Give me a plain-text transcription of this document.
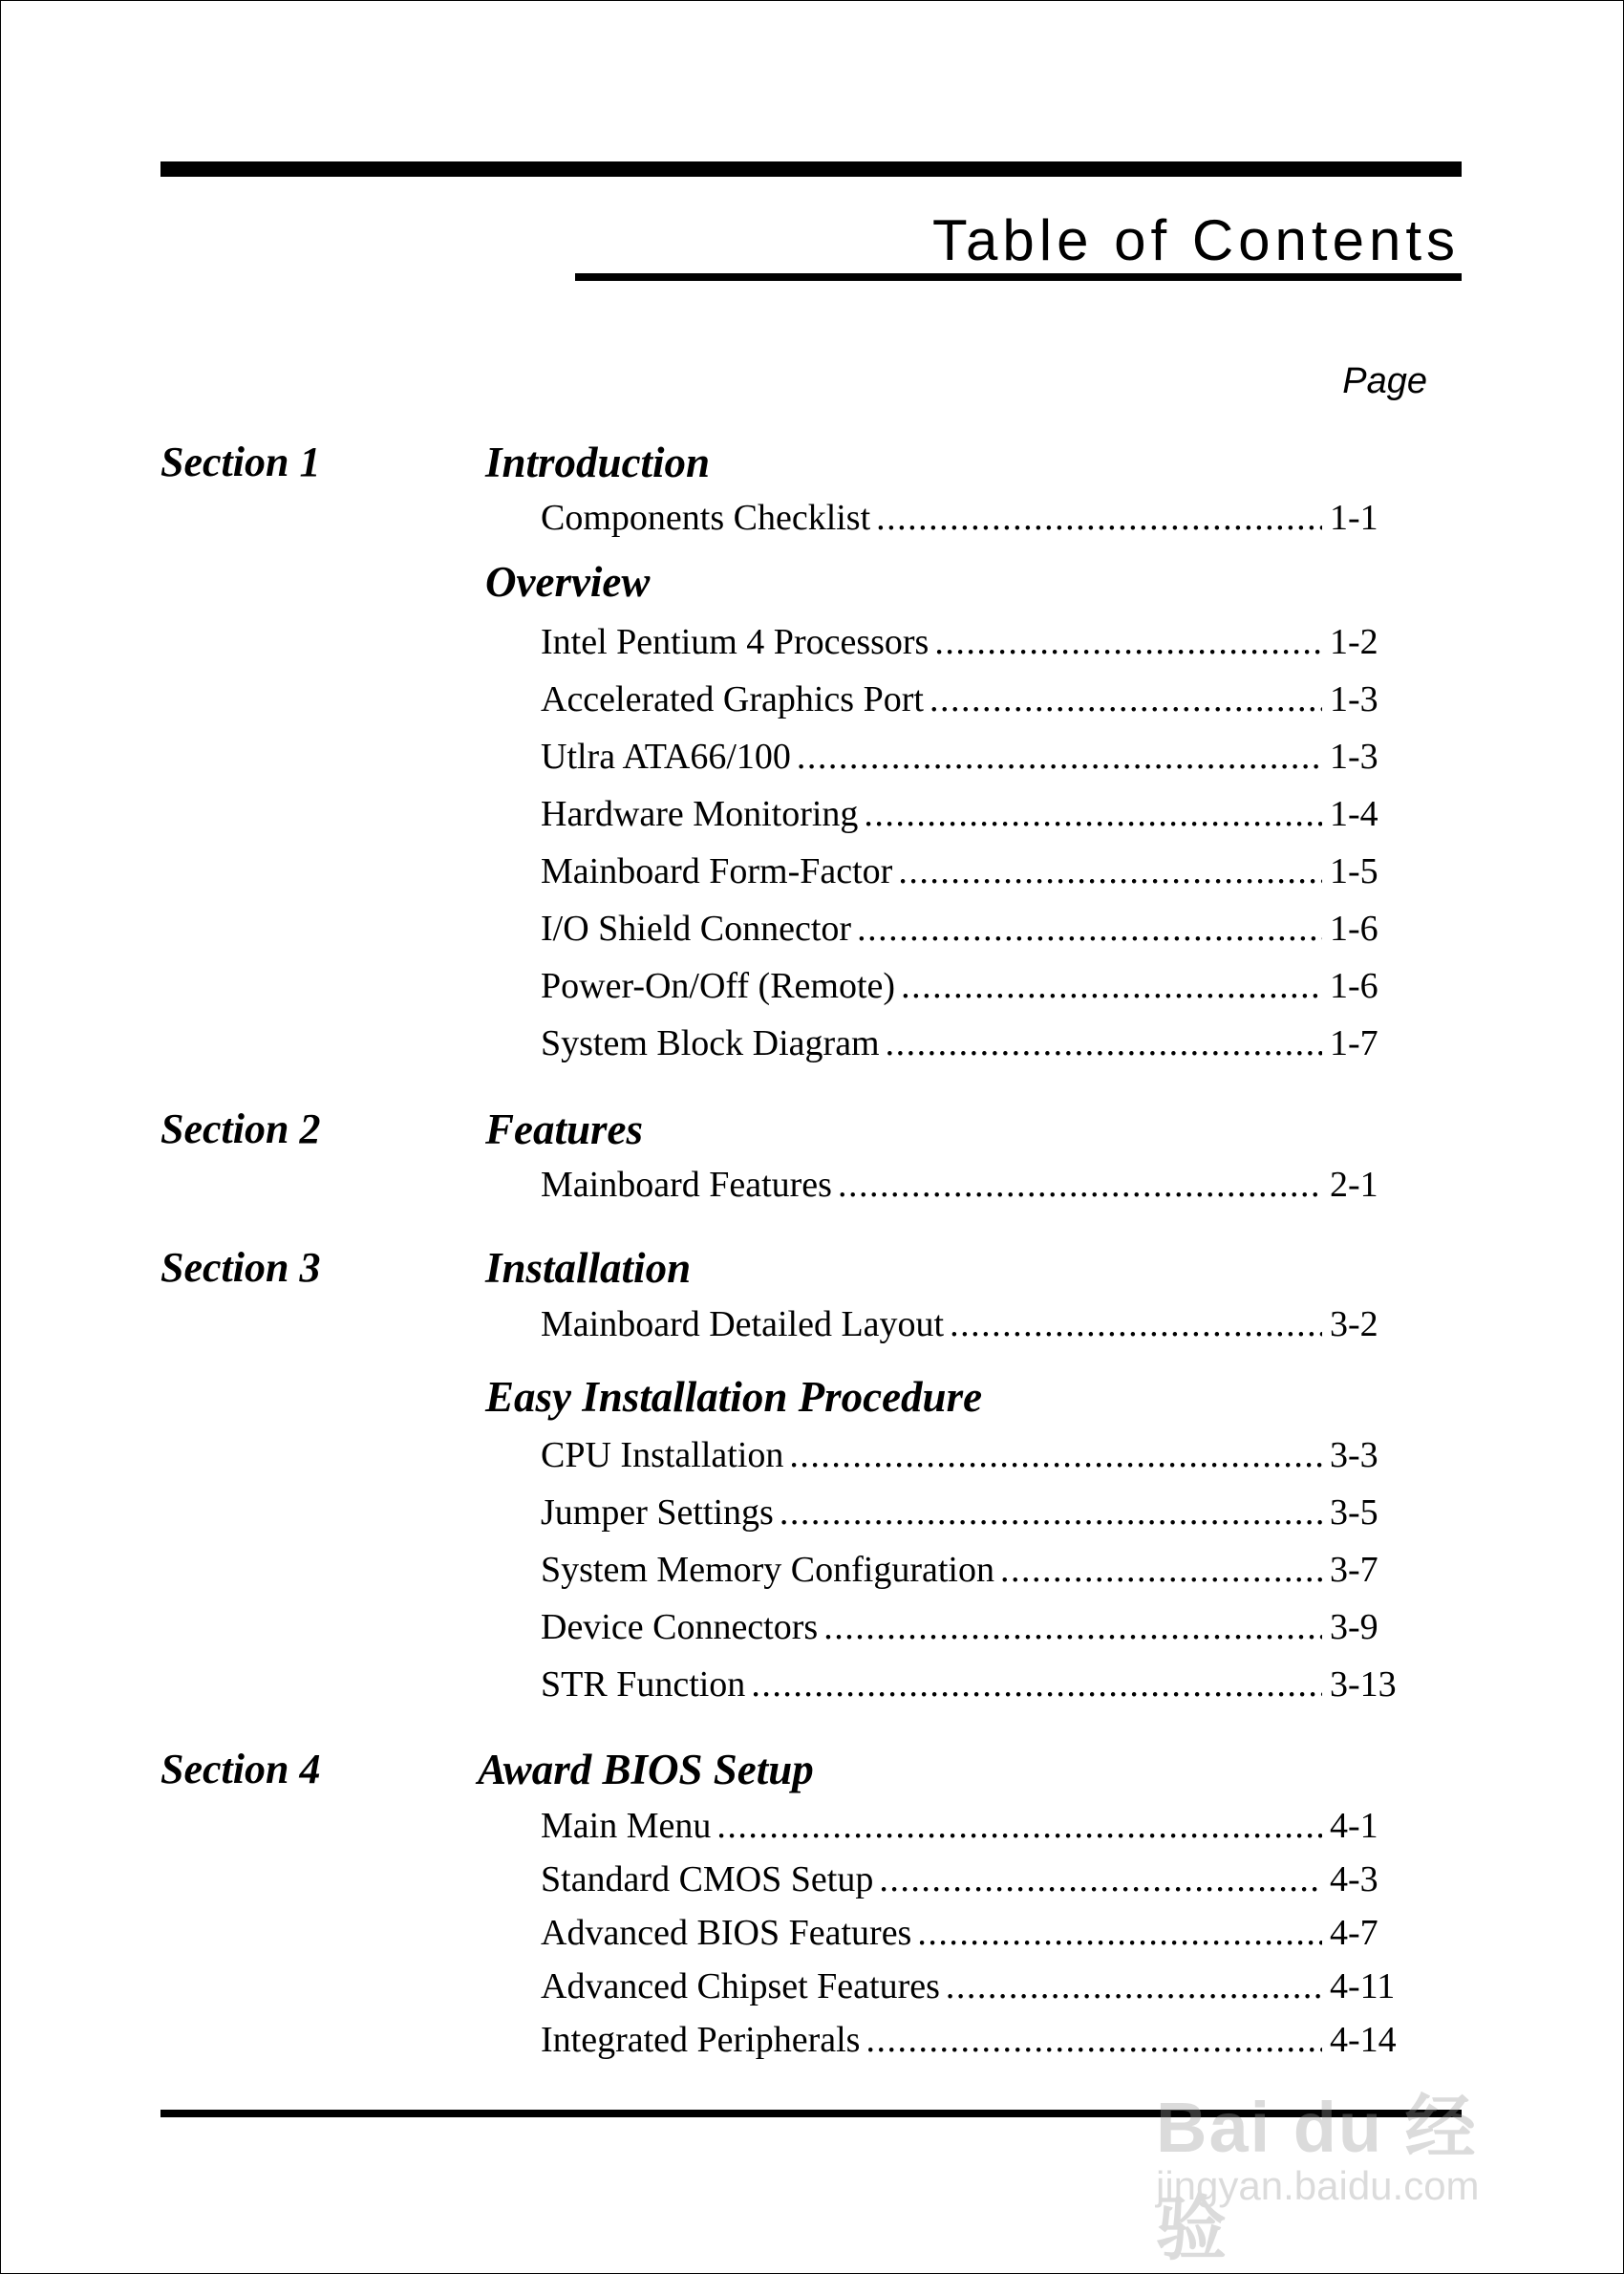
Table of Contents
Page
Section 1	Introduction
Components Checklist . . .	1-1
Overview
Intel Pentium 4 Processors . . .	1-2
Accelerated Graphics Port . . .	1-3
Utlra ATA66/100 . . .	1-3
Hardware Monitoring . . .	1-4
Mainboard Form-Factor . . .	1-5
I/O Shield Connector . . .	1-6
Power-On/Off (Remote) . . .	1-6
System Block Diagram . . .	1-7
Section 2	Features
Mainboard Features . . .	2-1
Section 3	Installation
Mainboard Detailed Layout . . .	3-2
Easy Installation Procedure
CPU Installation . . .	3-3
Jumper Settings . . .	3-5
System Memory Configuration . . .	3-7
Device Connectors . . .	3-9
STR Function . . .	3-13
Section 4	Award BIOS Setup
Main Menu . . .	4-1
Standard CMOS Setup . . .	4-3
Advanced BIOS Features . . .	4-7
Advanced Chipset Features . . .	4-11
Integrated Peripherals . . .	4-14
Bai du 经验
jingyan.baidu.com
